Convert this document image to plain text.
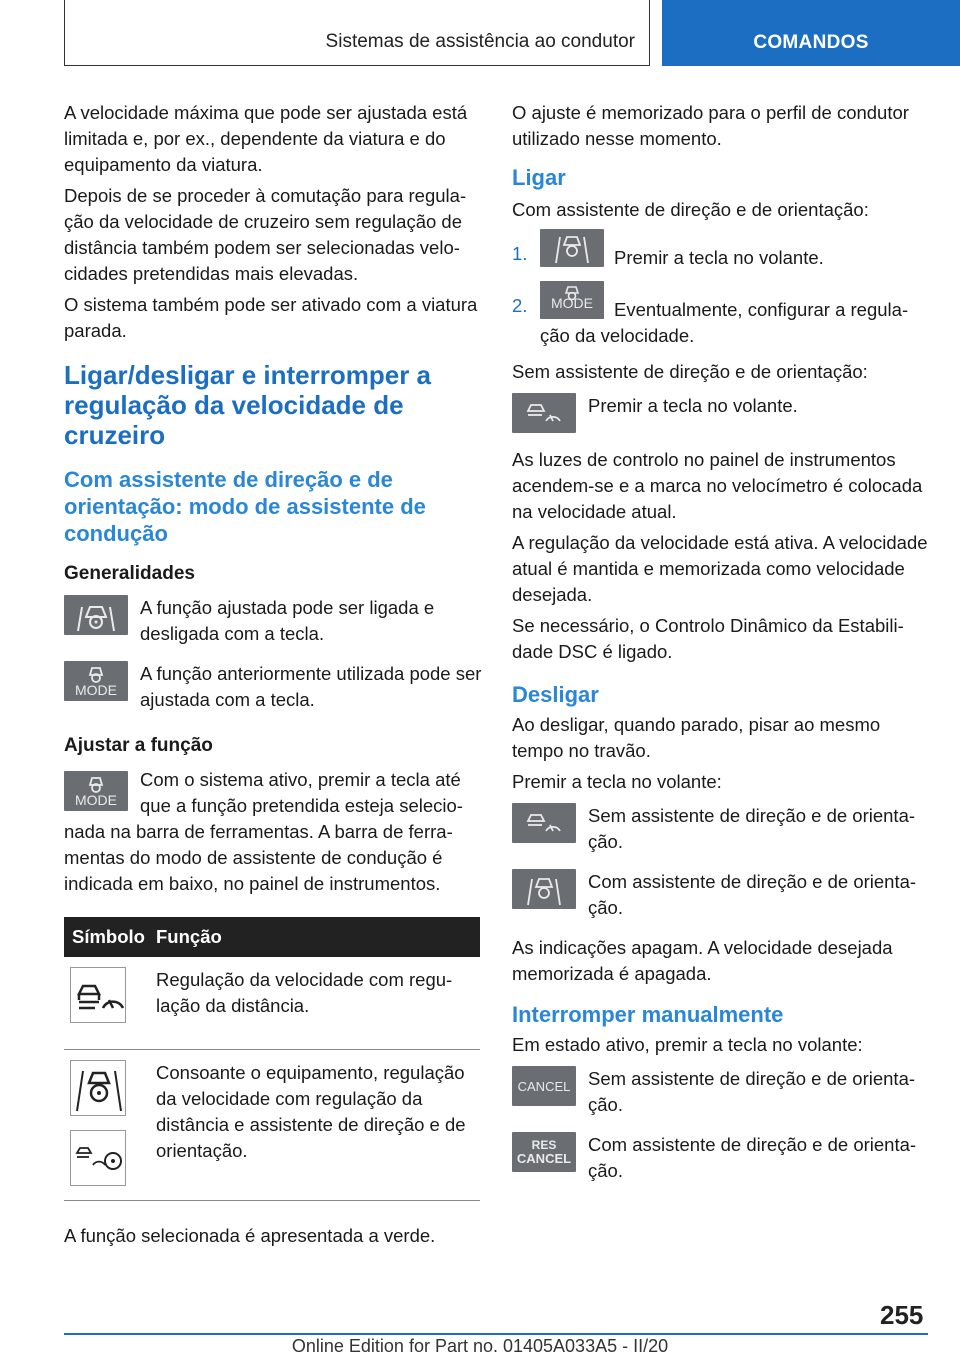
Sistemas de assistência ao condutor	COMANDOS

A velocidade máxima que pode ser ajustada está limitada e, por ex., dependente da viatura e do equipamento da viatura.

Depois de se proceder à comutação para regulação da velocidade de cruzeiro sem regulação de distância também podem ser selecionadas velocidades pretendidas mais elevadas.

O sistema também pode ser ativado com a viatura parada.

Ligar/desligar e interromper a regulação da velocidade de cruzeiro
Com assistente de direção e de orientação: modo de assistente de condução
Generalidades

A função ajustada pode ser ligada e desligada com a tecla.

MODE

A função anteriormente utilizada pode ser ajustada com a tecla.

Ajustar a função
MODE

Com o sistema ativo, premir a tecla até que a função pretendida esteja selecionada na barra de ferramentas. A barra de ferramentas do modo de assistente de condução é indicada em baixo, no painel de instrumentos.

Símbolo Função
Regulação da velocidade com regulação da distância.
Consoante o equipamento, regulação da velocidade com regulação da distância e assistente de direção e de orientação.

A função selecionada é apresentada a verde.

O ajuste é memorizado para o perfil de condutor utilizado nesse momento.

Ligar

Com assistente de direção e de orientação:

1.	Premir a tecla no volante.
2.	MODE	Eventualmente, configurar a regulação da velocidade.

Sem assistente de direção e de orientação:

Premir a tecla no volante.

As luzes de controlo no painel de instrumentos acendem-se e a marca no velocímetro é colocada na velocidade atual.

A regulação da velocidade está ativa. A velocidade atual é mantida e memorizada como velocidade desejada.

Se necessário, o Controlo Dinâmico da Estabilidade DSC é ligado.

Desligar

Ao desligar, quando parado, pisar ao mesmo tempo no travão.

Premir a tecla no volante:

Sem assistente de direção e de orientação.

Com assistente de direção e de orientação.

As indicações apagam. A velocidade desejada memorizada é apagada.

Interromper manualmente

Em estado ativo, premir a tecla no volante:

CANCEL Sem assistente de direção e de orientação.

RES
CANCEL

Com assistente de direção e de orientação.

255
Online Edition for Part no. 01405A033A5 - II/20
